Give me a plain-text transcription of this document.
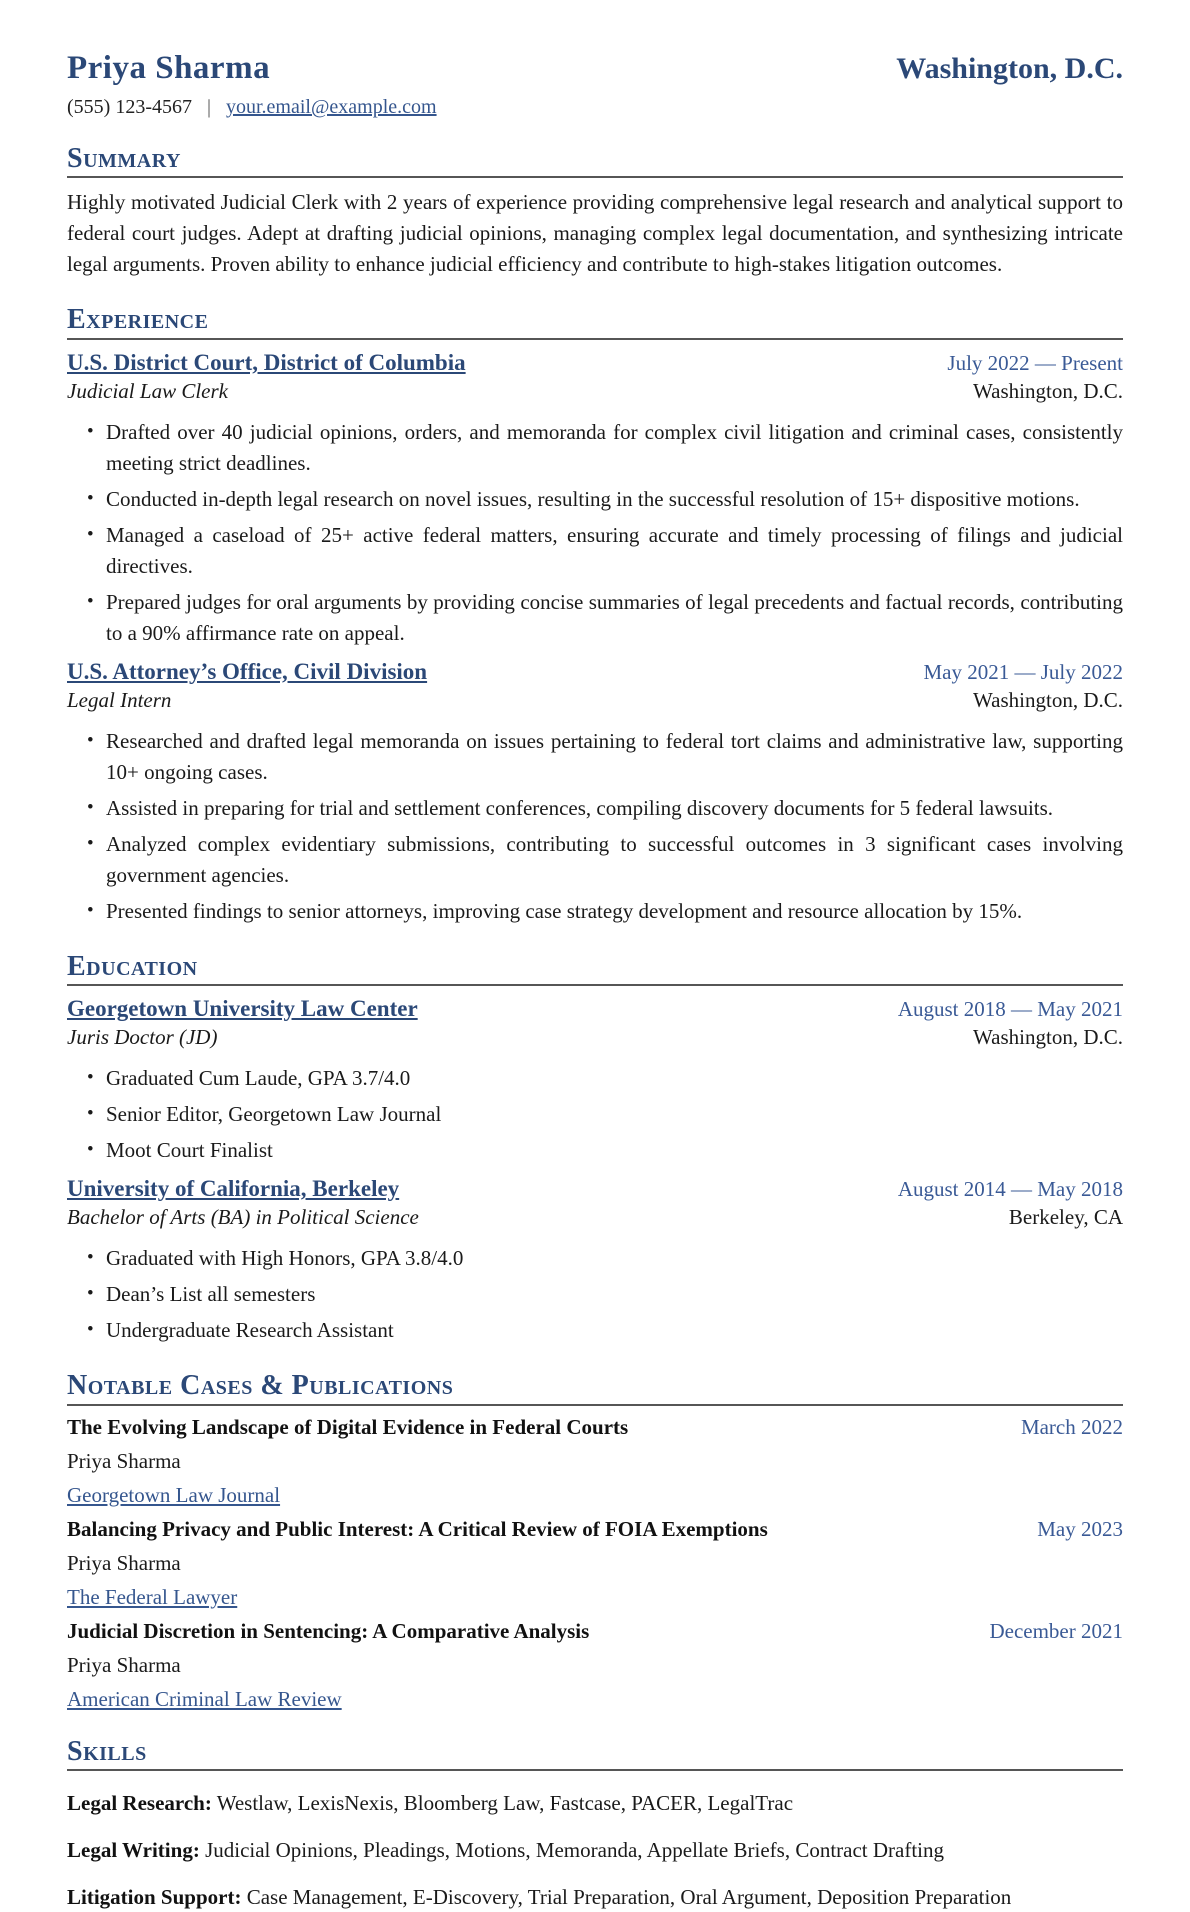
Priya Sharma	Washington, D.C.
(555) 123-4567 | your.email@example.com
Summary
Highly motivated Judicial Clerk with 2 years of experience providing comprehensive legal research and analytical support to federal court judges. Adept at drafting judicial opinions, managing complex legal documentation, and synthesizing intricate legal arguments. Proven ability to enhance judicial efficiency and contribute to high-stakes litigation outcomes.
Experience
U.S. District Court, District of Columbia	July 2022 — Present
Judicial Law Clerk	Washington, D.C.
• Drafted over 40 judicial opinions, orders, and memoranda for complex civil litigation and criminal cases, consistently meeting strict deadlines.
• Conducted in-depth legal research on novel issues, resulting in the successful resolution of 15+ dispositive motions.
• Managed a caseload of 25+ active federal matters, ensuring accurate and timely processing of filings and judicial directives.
• Prepared judges for oral arguments by providing concise summaries of legal precedents and factual records, contributing to a 90% affirmance rate on appeal.
U.S. Attorney’s Office, Civil Division	May 2021 — July 2022
Legal Intern	Washington, D.C.
• Researched and drafted legal memoranda on issues pertaining to federal tort claims and administrative law, supporting 10+ ongoing cases.
• Assisted in preparing for trial and settlement conferences, compiling discovery documents for 5 federal lawsuits.
• Analyzed complex evidentiary submissions, contributing to successful outcomes in 3 significant cases involving government agencies.
• Presented findings to senior attorneys, improving case strategy development and resource allocation by 15%.
Education
Georgetown University Law Center	August 2018 — May 2021
Juris Doctor (JD)	Washington, D.C.
• Graduated Cum Laude, GPA 3.7/4.0
• Senior Editor, Georgetown Law Journal
• Moot Court Finalist
University of California, Berkeley	August 2014 — May 2018
Bachelor of Arts (BA) in Political Science	Berkeley, CA
• Graduated with High Honors, GPA 3.8/4.0
• Dean’s List all semesters
• Undergraduate Research Assistant
Notable Cases & Publications
The Evolving Landscape of Digital Evidence in Federal Courts	March 2022
Priya Sharma
Georgetown Law Journal
Balancing Privacy and Public Interest: A Critical Review of FOIA Exemptions	May 2023
Priya Sharma
The Federal Lawyer
Judicial Discretion in Sentencing: A Comparative Analysis	December 2021
Priya Sharma
American Criminal Law Review
Skills
Legal Research: Westlaw, LexisNexis, Bloomberg Law, Fastcase, PACER, LegalTrac
Legal Writing: Judicial Opinions, Pleadings, Motions, Memoranda, Appellate Briefs, Contract Drafting
Litigation Support: Case Management, E-Discovery, Trial Preparation, Oral Argument, Deposition Preparation
